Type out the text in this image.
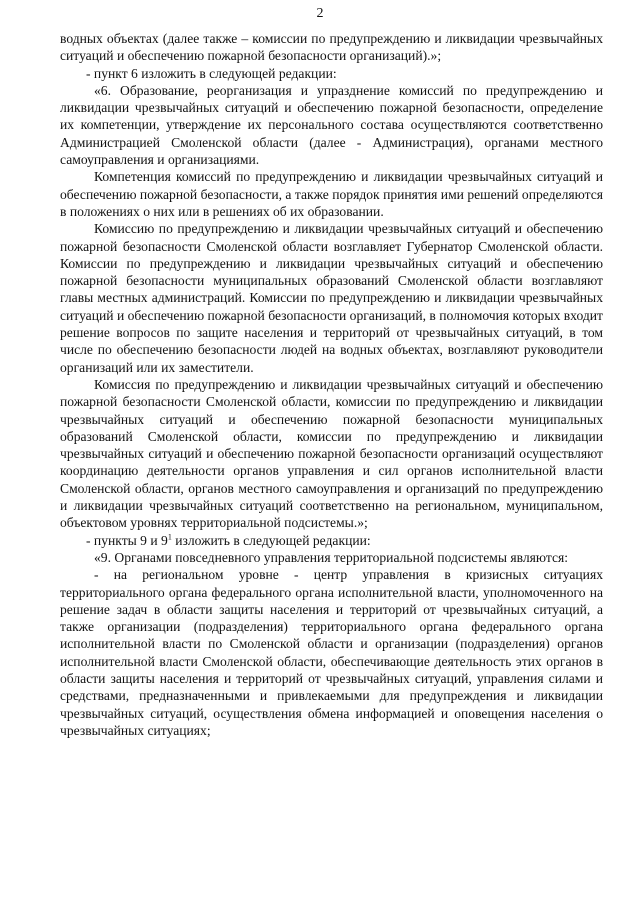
2

водных объектах (далее также – комиссии по предупреждению и ликвидации чрезвычайных ситуаций и обеспечению пожарной безопасности организаций).»;

- пункт 6 изложить в следующей редакции:

«6. Образование, реорганизация и упразднение комиссий по предупреждению и ликвидации чрезвычайных ситуаций и обеспечению пожарной безопасности, определение их компетенции, утверждение их персонального состава осуществляются соответственно Администрацией Смоленской области (далее - Администрация), органами местного самоуправления и организациями.

Компетенция комиссий по предупреждению и ликвидации чрезвычайных ситуаций и обеспечению пожарной безопасности, а также порядок принятия ими решений определяются в положениях о них или в решениях об их образовании.

Комиссию по предупреждению и ликвидации чрезвычайных ситуаций и обеспечению пожарной безопасности Смоленской области возглавляет Губернатор Смоленской области. Комиссии по предупреждению и ликвидации чрезвычайных ситуаций и обеспечению пожарной безопасности муниципальных образований Смоленской области возглавляют главы местных администраций. Комиссии по предупреждению и ликвидации чрезвычайных ситуаций и обеспечению пожарной безопасности организаций, в полномочия которых входит решение вопросов по защите населения и территорий от чрезвычайных ситуаций, в том числе по обеспечению безопасности людей на водных объектах, возглавляют руководители организаций или их заместители.

Комиссия по предупреждению и ликвидации чрезвычайных ситуаций и обеспечению пожарной безопасности Смоленской области, комиссии по предупреждению и ликвидации чрезвычайных ситуаций и обеспечению пожарной безопасности муниципальных образований Смоленской области, комиссии по предупреждению и ликвидации чрезвычайных ситуаций и обеспечению пожарной безопасности организаций осуществляют координацию деятельности органов управления и сил органов исполнительной власти Смоленской области, органов местного самоуправления и организаций по предупреждению и ликвидации чрезвычайных ситуаций соответственно на региональном, муниципальном, объектовом уровнях территориальной подсистемы.»;

- пункты 9 и $9^1$ изложить в следующей редакции:

«9. Органами повседневного управления территориальной подсистемы являются:

- на региональном уровне - центр управления в кризисных ситуациях территориального органа федерального органа исполнительной власти, уполномоченного на решение задач в области защиты населения и территорий от чрезвычайных ситуаций, а также организации (подразделения) территориального органа федерального органа исполнительной власти по Смоленской области и организации (подразделения) органов исполнительной власти Смоленской области, обеспечивающие деятельность этих органов в области защиты населения и территорий от чрезвычайных ситуаций, управления силами и средствами, предназначенными и привлекаемыми для предупреждения и ликвидации чрезвычайных ситуаций, осуществления обмена информацией и оповещения населения о чрезвычайных ситуациях;
